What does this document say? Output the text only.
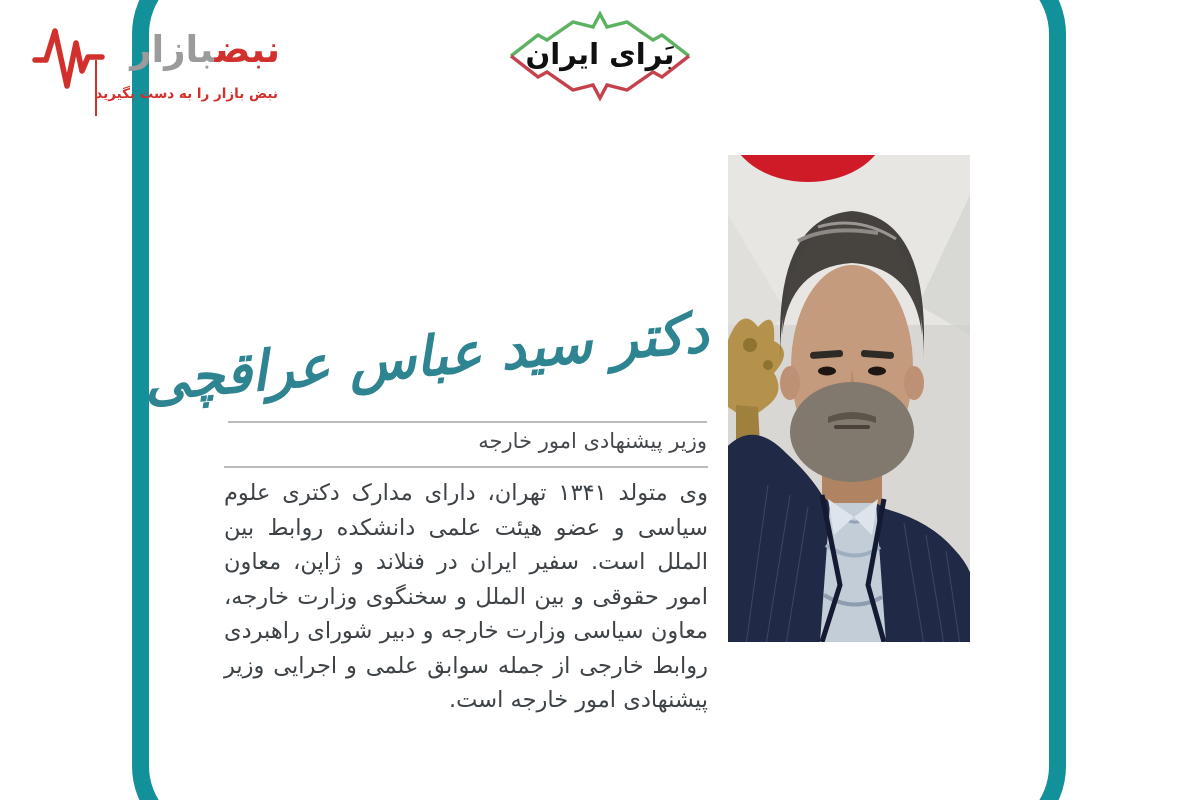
نبضبازار
نبض بازار را به دست بگیرید
بَرای ایران
دکتر سید عباس عراقچی
وزیر پیشنهادی امور خارجه
وی متولد ۱۳۴۱ تهران، دارای مدارک دکتری علوم سیاسی و عضو هیئت علمی دانشکده روابط بین الملل است. سفیر ایران در فنلاند و ژاپن، معاون امور حقوقی و بین الملل و سخنگوی وزارت خارجه، معاون سیاسی وزارت خارجه و دبیر شورای راهبردی روابط خارجی از جمله سوابق علمی و اجرایی وزیر پیشنهادی امور خارجه است.
